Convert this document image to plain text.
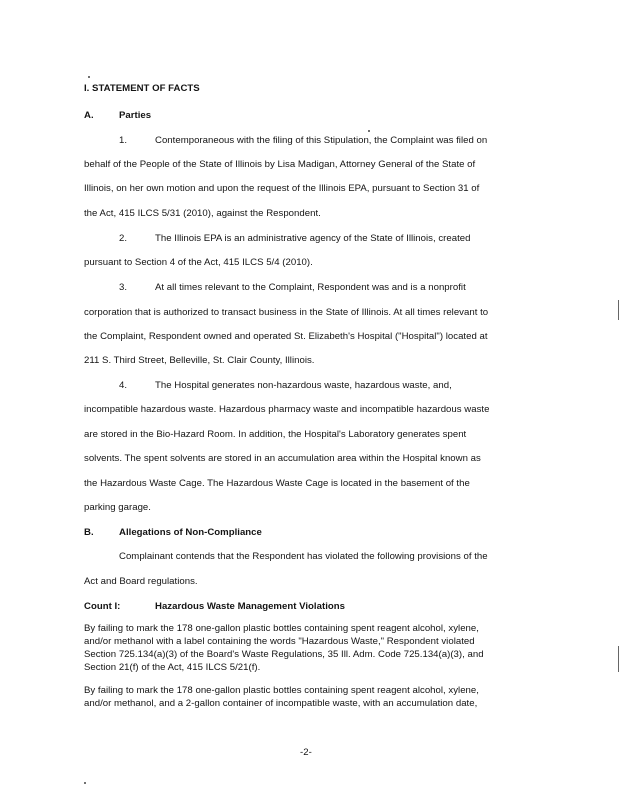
I. STATEMENT OF FACTS
A.	Parties
1.	Contemporaneous with the filing of this Stipulation, the Complaint was filed on
behalf of the People of the State of Illinois by Lisa Madigan, Attorney General of the State of
Illinois, on her own motion and upon the request of the Illinois EPA, pursuant to Section 31 of
the Act, 415 ILCS 5/31 (2010), against the Respondent.
2.	The Illinois EPA is an administrative agency of the State of Illinois, created
pursuant to Section 4 of the Act, 415 ILCS 5/4 (2010).
3.	At all times relevant to the Complaint, Respondent was and is a nonprofit
corporation that is authorized to transact business in the State of Illinois. At all times relevant to
the Complaint, Respondent owned and operated St. Elizabeth's Hospital ("Hospital") located at
211 S. Third Street, Belleville, St. Clair County, Illinois.
4.	The Hospital generates non-hazardous waste, hazardous waste, and,
incompatible hazardous waste. Hazardous pharmacy waste and incompatible hazardous waste
are stored in the Bio-Hazard Room. In addition, the Hospital's Laboratory generates spent
solvents. The spent solvents are stored in an accumulation area within the Hospital known as
the Hazardous Waste Cage. The Hazardous Waste Cage is located in the basement of the
parking garage.
B.	Allegations of Non-Compliance
Complainant contends that the Respondent has violated the following provisions of the
Act and Board regulations.
Count I:	Hazardous Waste Management Violations
By failing to mark the 178 one-gallon plastic bottles containing spent reagent alcohol, xylene,
and/or methanol with a label containing the words "Hazardous Waste," Respondent violated
Section 725.134(a)(3) of the Board's Waste Regulations, 35 Ill. Adm. Code 725.134(a)(3), and
Section 21(f) of the Act, 415 ILCS 5/21(f).
By failing to mark the 178 one-gallon plastic bottles containing spent reagent alcohol, xylene,
and/or methanol, and a 2-gallon container of incompatible waste, with an accumulation date,
-2-
